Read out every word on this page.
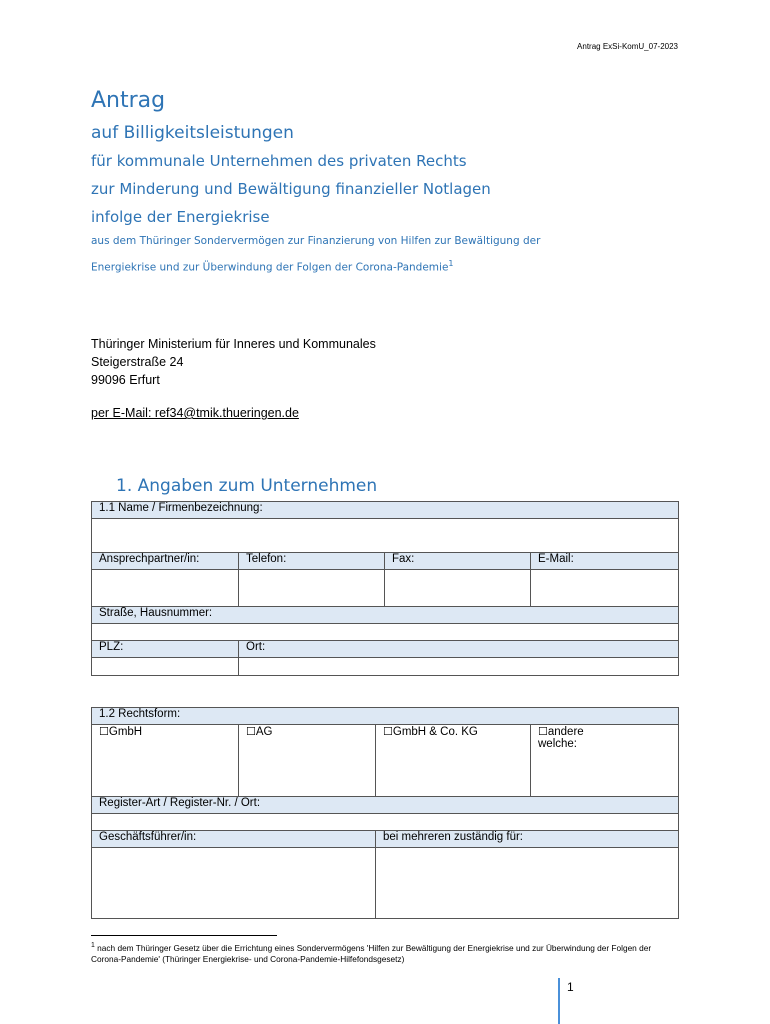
Antrag ExSi-KomU_07-2023
Antrag
auf Billigkeitsleistungen
für kommunale Unternehmen des privaten Rechts
zur Minderung und Bewältigung finanzieller Notlagen
infolge der Energiekrise
aus dem Thüringer Sondervermögen zur Finanzierung von Hilfen zur Bewältigung der
Energiekrise und zur Überwindung der Folgen der Corona-Pandemie$^1$
Thüringer Ministerium für Inneres und Kommunales
Steigerstraße 24
99096 Erfurt
per E-Mail: ref34@tmik.thueringen.de
1. Angaben zum Unternehmen
1.1 Name / Firmenbezeichnung:			

Ansprechpartner/in:	Telefon:	Fax:	E-Mail:

Straße, Hausnummer:			

PLZ:	Ort:		

1.2 Rechtsform:			
☐GmbH	☐AG	☐GmbH & Co. KG	☐andere
welche:
Register-Art / Register-Nr. / Ort:			

Geschäftsführer/in:		bei mehreren zuständig für:	

$^1$ nach dem Thüringer Gesetz über die Errichtung eines Sondervermögens 'Hilfen zur Bewältigung der Energiekrise und zur Überwindung der Folgen der Corona-Pandemie' (Thüringer Energiekrise- und Corona-Pandemie-Hilfefondsgesetz)
1
